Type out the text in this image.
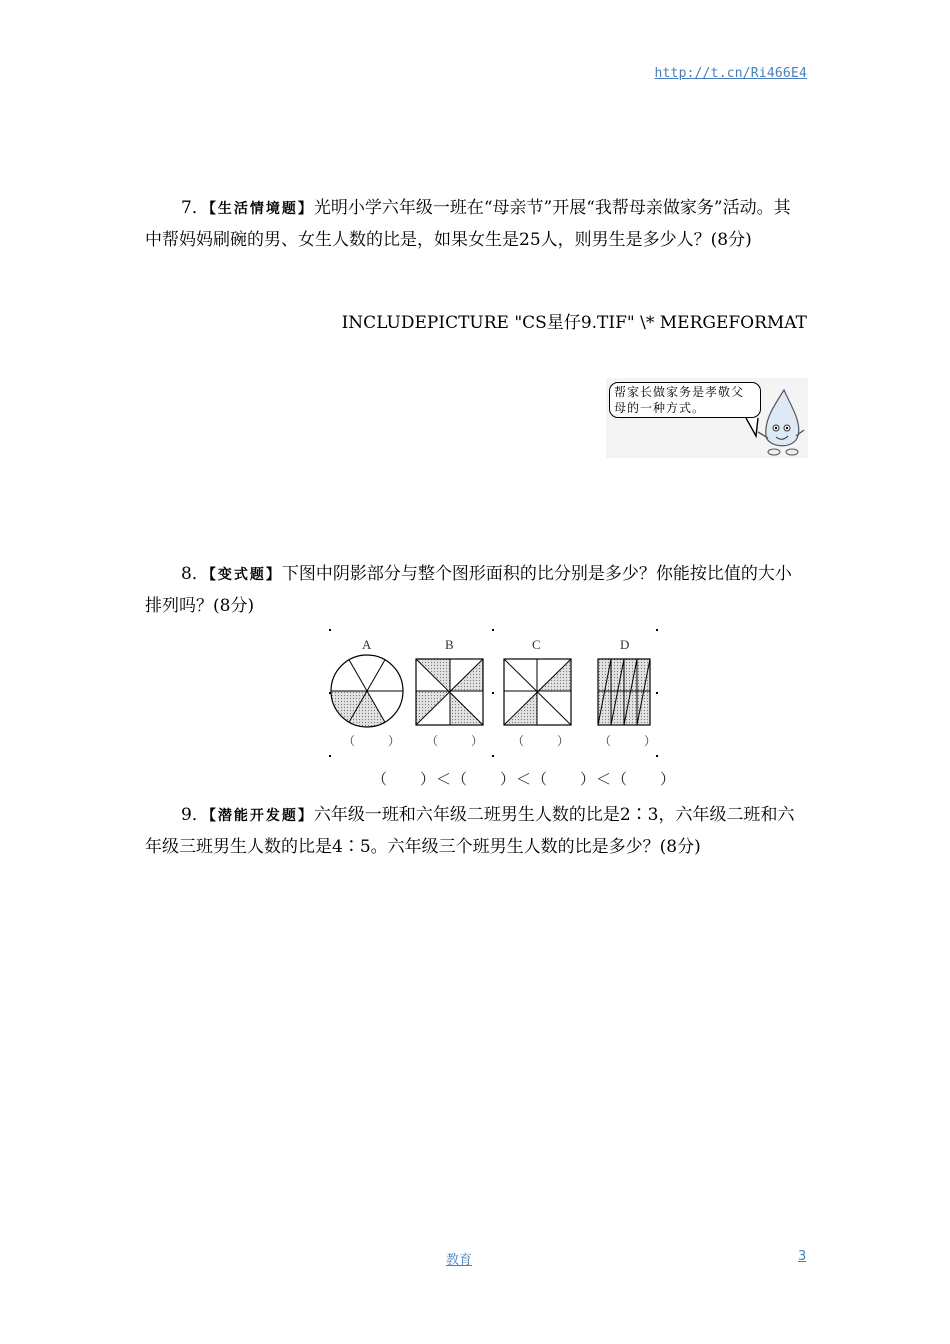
http://t.cn/Ri466E4

7．【生活情境题】光明小学六年级一班在“母亲节”开展“我帮母亲做家务”活动。其中帮妈妈刷碗的男、女生人数的比是，如果女生是25人，则男生是多少人？(8分)

INCLUDEPICTURE "CS星仔9.TIF" \* MERGEFORMAT
帮家长做家务是孝敬父母的一种方式。

8．【变式题】下图中阴影部分与整个图形面积的比分别是多少？你能按比值的大小排列吗？(8分)

A	B	C	D
（　　） （　　） （　　） （　　）
（　　）＜（　　）＜（　　）＜（　　）

9．【潜能开发题】六年级一班和六年级二班男生人数的比是2∶3，六年级二班和六年级三班男生人数的比是4∶5。六年级三个班男生人数的比是多少？(8分)

教育	3
